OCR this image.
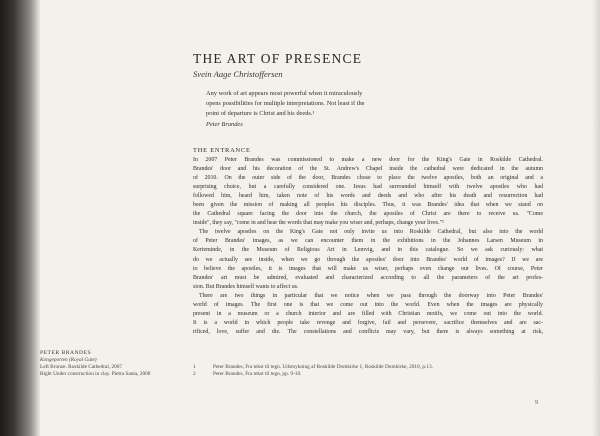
THE ART OF PRESENCE
Svein Aage Christoffersen
Any work of art appears most powerful when it miraculously
opens possibilities for multiple interpretations. Not least if the
point of departure is Christ and his deeds.¹
Peter Brandes
THE ENTRANCE
In 2007 Peter Brandes was commissioned to make a new door for the King's Gate in Roskilde Cathedral.
Brandes' door and his decoration of the St. Andrew's Chapel inside the cathedral were dedicated in the autumn
of 2010. On the outer side of the door, Brandes chose to place the twelve apostles, both an original and a
surprising choice, but a carefully considered one. Jesus had surrounded himself with twelve apostles who had
followed him, heard him, taken note of his words and deeds and who after his death and resurrection had
been given the mission of making all peoples his disciples. Thus, it was Brandes' idea that when we stand on
the Cathedral square facing the door into the church, the apostles of Christ are there to receive us. "Come
inside", they say, "come in and hear the words that may make you wiser and, perhaps, change your lives."²
The twelve apostles on the King's Gate not only invite us into Roskilde Cathedral, but also into the world
of Peter Brandes' images, as we can encounter them in the exhibitions in the Johannes Larsen Museum in
Kerteminde, in the Museum of Religious Art in Lemvig, and in this catalogue. So we ask curiously: what
do we actually see inside, when we go through the apostles' door into Brandes' world of images? If we are
to believe the apostles, it is images that will make us wiser, perhaps even change our lives. Of course, Peter
Brandes' art must be admired, evaluated and characterized according to all the parameters of the art profes-
sion. But Brandes himself wants to affect us.
There are two things in particular that we notice when we pass through the doorway into Peter Brandes'
world of images. The first one is that we come out into the world. Even when the images are physically
present in a museum or a church interior and are filled with Christian motifs, we come out into the world.
It is a world in which people take revenge and forgive, fail and persevere, sacrifice themselves and are sac-
rificed, love, suffer and die. The constellations and conflicts may vary, but there is always something at risk,
PETER BRANDES
Kongeporten (Royal Gate)
Left Bronze. Roskilde Cathedral, 2007
Right Under construction in clay. Pietra Santa, 2008
1	Peter Brandes, Fra tekst til tegn. Udsmykning af Roskilde Domkirke 1, Roskilde Domkirke, 2010, p.13.
2	Peter Brandes, Fra tekst til tegn, pp. 9-10.
9
